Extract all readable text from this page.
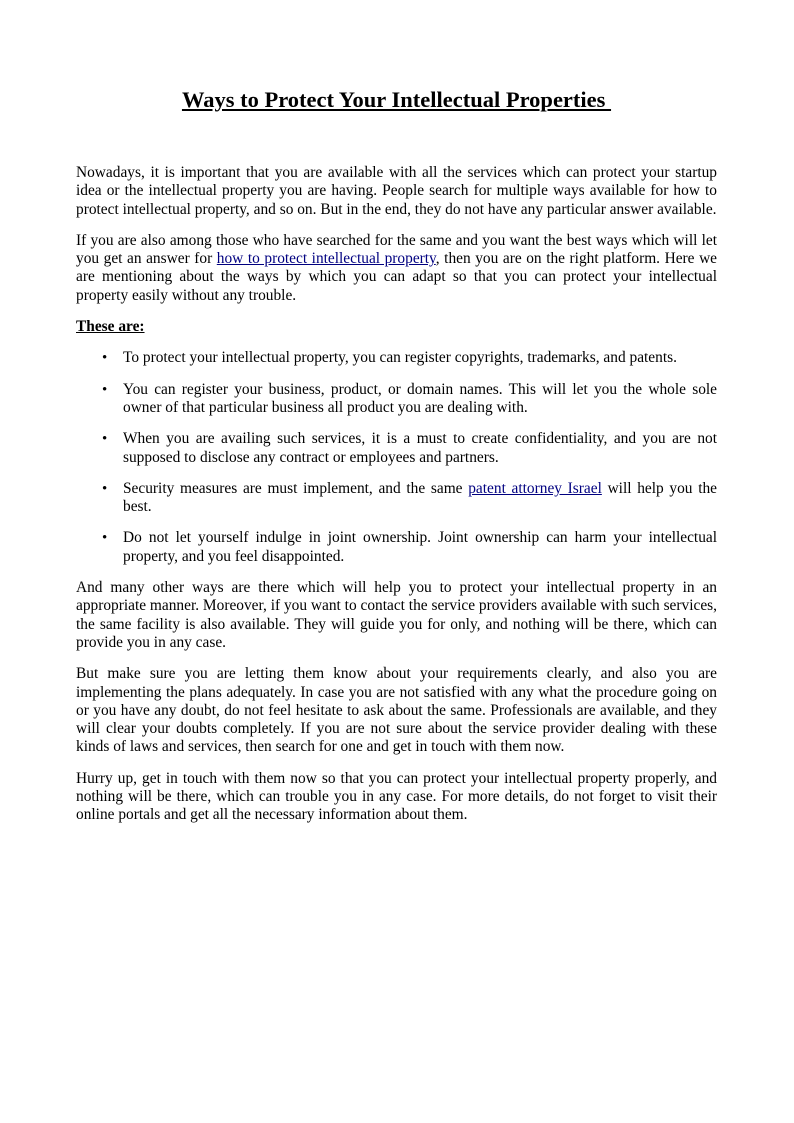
Ways to Protect Your Intellectual Properties

Nowadays, it is important that you are available with all the services which can protect your startup idea or the intellectual property you are having. People search for multiple ways available for how to protect intellectual property, and so on. But in the end, they do not have any particular answer available.

If you are also among those who have searched for the same and you want the best ways which will let you get an answer for how to protect intellectual property, then you are on the right platform. Here we are mentioning about the ways by which you can adapt so that you can protect your intellectual property easily without any trouble.

These are:

• To protect your intellectual property, you can register copyrights, trademarks, and patents.
• You can register your business, product, or domain names. This will let you the whole sole owner of that particular business all product you are dealing with.
• When you are availing such services, it is a must to create confidentiality, and you are not supposed to disclose any contract or employees and partners.
• Security measures are must implement, and the same patent attorney Israel will help you the best.
• Do not let yourself indulge in joint ownership. Joint ownership can harm your intellectual property, and you feel disappointed.

And many other ways are there which will help you to protect your intellectual property in an appropriate manner. Moreover, if you want to contact the service providers available with such services, the same facility is also available. They will guide you for only, and nothing will be there, which can provide you in any case.

But make sure you are letting them know about your requirements clearly, and also you are implementing the plans adequately. In case you are not satisfied with any what the procedure going on or you have any doubt, do not feel hesitate to ask about the same. Professionals are available, and they will clear your doubts completely. If you are not sure about the service provider dealing with these kinds of laws and services, then search for one and get in touch with them now.

Hurry up, get in touch with them now so that you can protect your intellectual property properly, and nothing will be there, which can trouble you in any case. For more details, do not forget to visit their online portals and get all the necessary information about them.
